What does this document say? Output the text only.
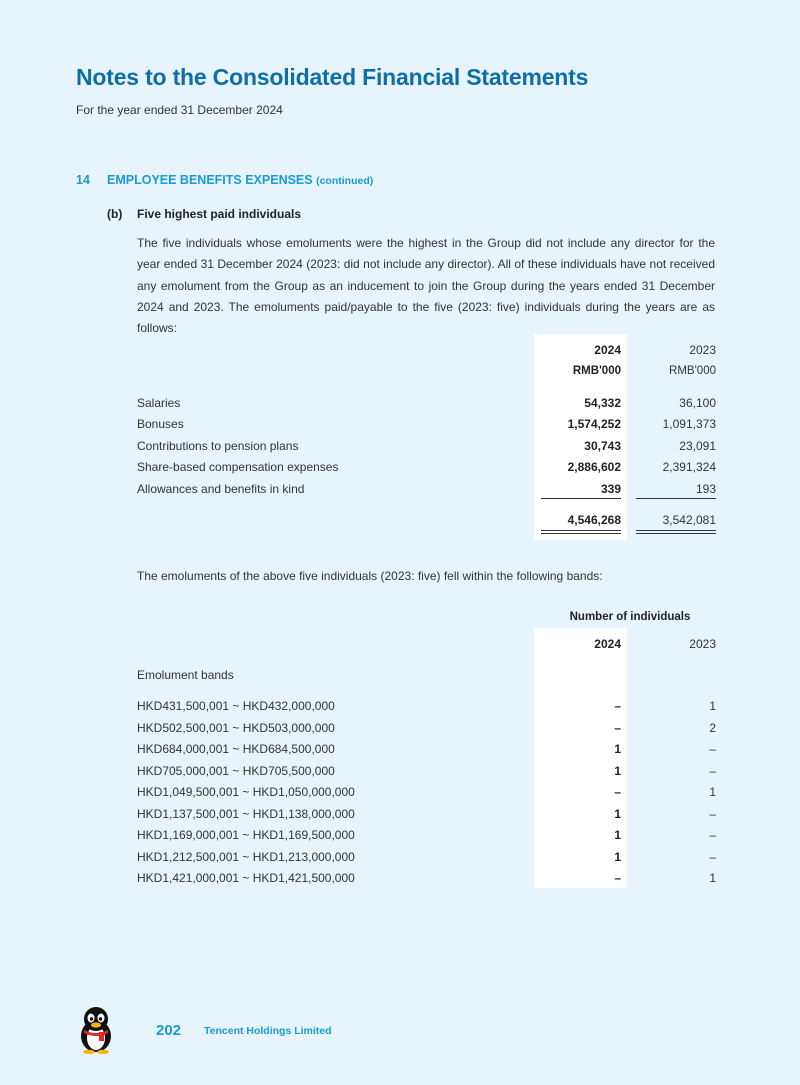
Notes to the Consolidated Financial Statements
For the year ended 31 December 2024
14 EMPLOYEE BENEFITS EXPENSES (continued)
(b) Five highest paid individuals

The five individuals whose emoluments were the highest in the Group did not include any director for the year ended 31 December 2024 (2023: did not include any director). All of these individuals have not received any emolument from the Group as an inducement to join the Group during the years ended 31 December 2024 and 2023. The emoluments paid/payable to the five (2023: five) individuals during the years are as follows:

2024	2023
RMB'000	RMB'000
Salaries	54,332	36,100
Bonuses	1,574,252	1,091,373
Contributions to pension plans	30,743	23,091
Share-based compensation expenses	2,886,602	2,391,324
Allowances and benefits in kind	339	193
4,546,268	3,542,081
The emoluments of the above five individuals (2023: five) fell within the following bands:
Number of individuals
2024	2023
Emolument bands
HKD431,500,001 ~ HKD432,000,000	–	1
HKD502,500,001 ~ HKD503,000,000	–	2
HKD684,000,001 ~ HKD684,500,000	1	–
HKD705,000,001 ~ HKD705,500,000	1	–
HKD1,049,500,001 ~ HKD1,050,000,000	–	1
HKD1,137,500,001 ~ HKD1,138,000,000	1	–
HKD1,169,000,001 ~ HKD1,169,500,000	1	–
HKD1,212,500,001 ~ HKD1,213,000,000	1	–
HKD1,421,000,001 ~ HKD1,421,500,000	–	1
202 Tencent Holdings Limited
